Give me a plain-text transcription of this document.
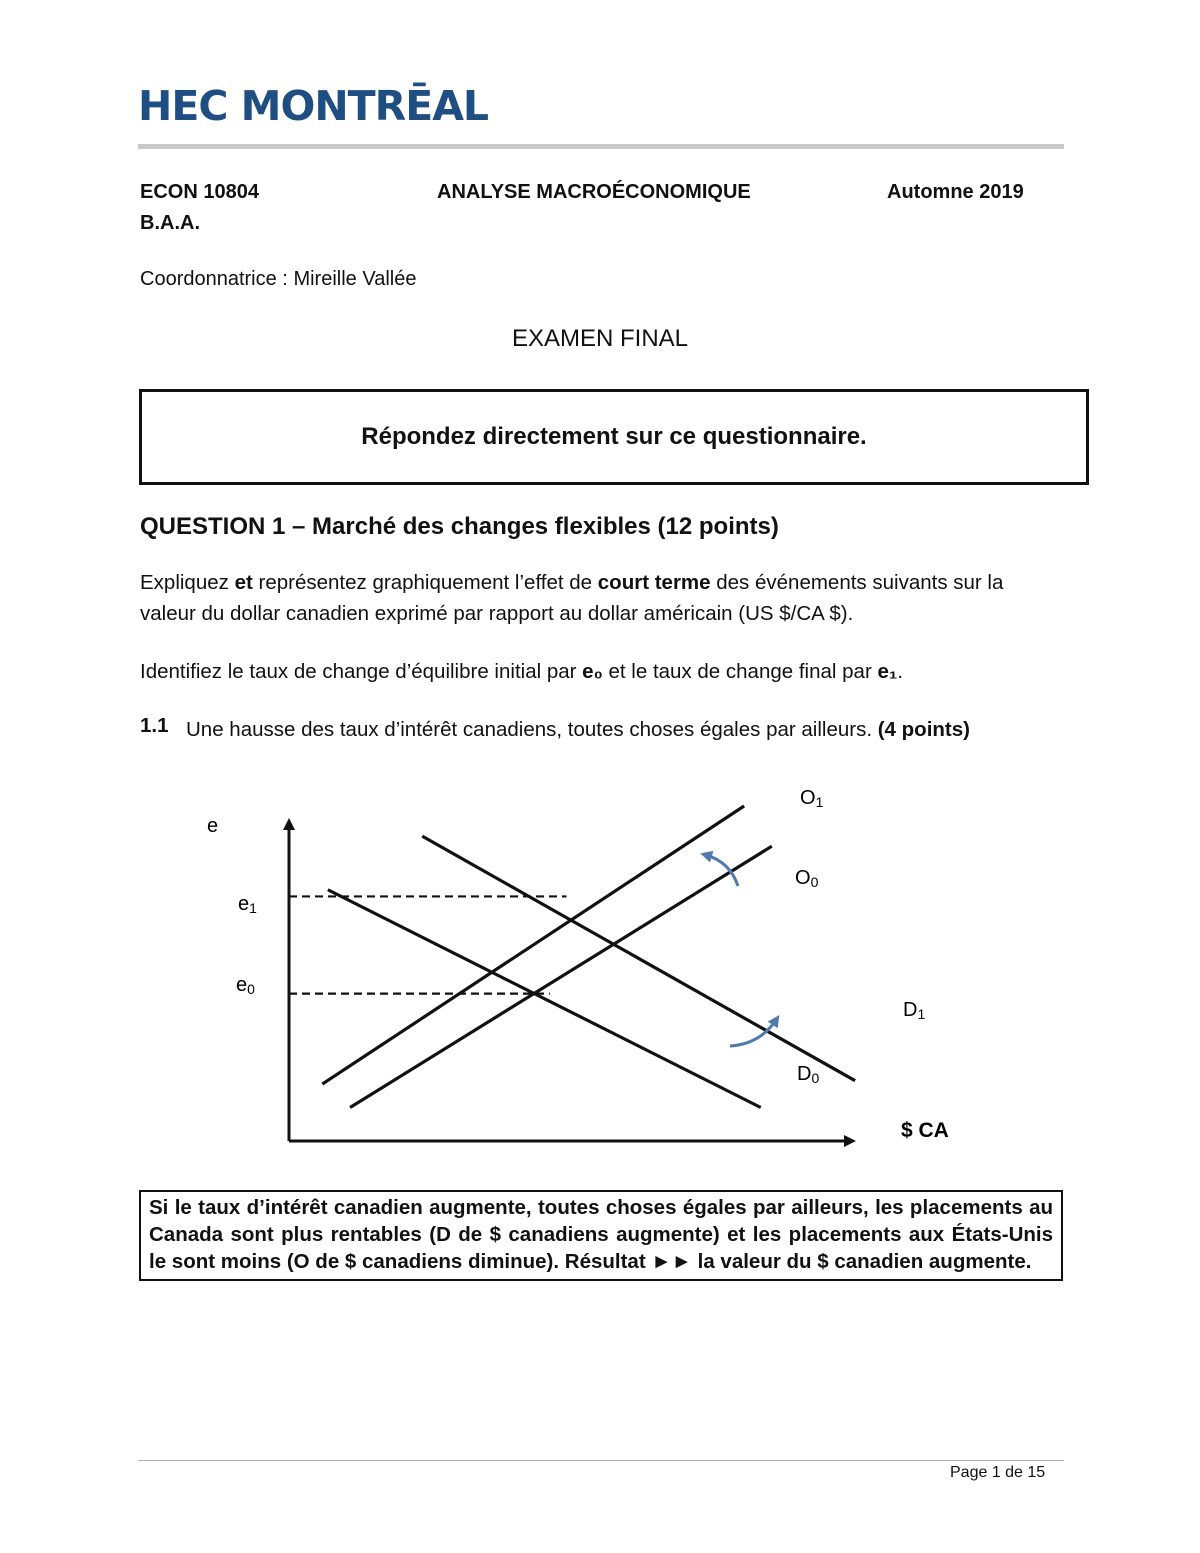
HEC MONTRĒAL
ECON 10804	ANALYSE MACROÉCONOMIQUE	Automne 2019
B.A.A.
Coordonnatrice : Mireille Vallée
EXAMEN FINAL
Répondez directement sur ce questionnaire.
QUESTION 1 – Marché des changes flexibles (12 points)
Expliquez et représentez graphiquement l’effet de court terme des événements suivants sur la valeur du dollar canadien exprimé par rapport au dollar américain (US $/CA $).
Identifiez le taux de change d’équilibre initial par e₀ et le taux de change final par e₁.
1.1 Une hausse des taux d’intérêt canadiens, toutes choses égales par ailleurs. (4 points)
e
e1
e0
O1
O0
D1
D0
$ CA
Si le taux d’intérêt canadien augmente, toutes choses égales par ailleurs, les placements au Canada sont plus rentables (D de $ canadiens augmente) et les placements aux États-Unis le sont moins (O de $ canadiens diminue). Résultat ►► la valeur du $ canadien augmente.
Page 1 de 15
